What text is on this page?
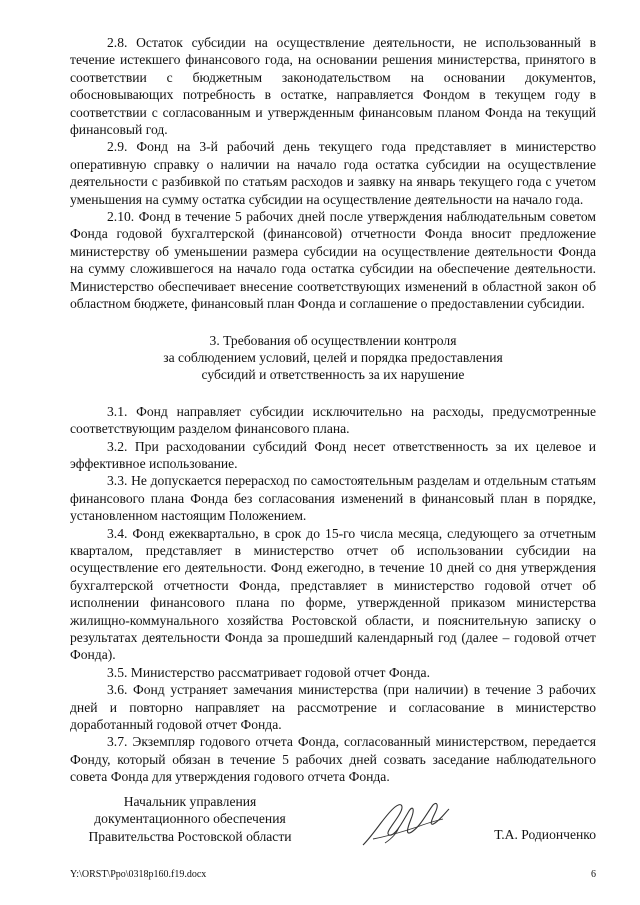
2.8. Остаток субсидии на осуществление деятельности, не использованный в течение истекшего финансового года, на основании решения министерства, принятого в соответствии с бюджетным законодательством на основании документов, обосновывающих потребность в остатке, направляется Фондом в текущем году в соответствии с согласованным и утвержденным финансовым планом Фонда на текущий финансовый год.

2.9. Фонд на 3-й рабочий день текущего года представляет в министерство оперативную справку о наличии на начало года остатка субсидии на осуществление деятельности с разбивкой по статьям расходов и заявку на январь текущего года с учетом уменьшения на сумму остатка субсидии на осуществление деятельности на начало года.

2.10. Фонд в течение 5 рабочих дней после утверждения наблюдательным советом Фонда годовой бухгалтерской (финансовой) отчетности Фонда вносит предложение министерству об уменьшении размера субсидии на осуществление деятельности Фонда на сумму сложившегося на начало года остатка субсидии на обеспечение деятельности. Министерство обеспечивает внесение соответствующих изменений в областной закон об областном бюджете, финансовый план Фонда и соглашение о предоставлении субсидии.

3. Требования об осуществлении контроля
за соблюдением условий, целей и порядка предоставления
субсидий и ответственность за их нарушение

3.1. Фонд направляет субсидии исключительно на расходы, предусмотренные соответствующим разделом финансового плана.

3.2. При расходовании субсидий Фонд несет ответственность за их целевое и эффективное использование.

3.3. Не допускается перерасход по самостоятельным разделам и отдельным статьям финансового плана Фонда без согласования изменений в финансовый план в порядке, установленном настоящим Положением.

3.4. Фонд ежеквартально, в срок до 15-го числа месяца, следующего за отчетным кварталом, представляет в министерство отчет об использовании субсидии на осуществление его деятельности. Фонд ежегодно, в течение 10 дней со дня утверждения бухгалтерской отчетности Фонда, представляет в министерство годовой отчет об исполнении финансового плана по форме, утвержденной приказом министерства жилищно-коммунального хозяйства Ростовской области, и пояснительную записку о результатах деятельности Фонда за прошедший календарный год (далее – годовой отчет Фонда).

3.5. Министерство рассматривает годовой отчет Фонда.

3.6. Фонд устраняет замечания министерства (при наличии) в течение 3 рабочих дней и повторно направляет на рассмотрение и согласование в министерство доработанный годовой отчет Фонда.

3.7. Экземпляр годового отчета Фонда, согласованный министерством, передается Фонду, который обязан в течение 5 рабочих дней созвать заседание наблюдательного совета Фонда для утверждения годового отчета Фонда.

Начальник управления
документационного обеспечения
Правительства Ростовской области	Т.А. Родионченко
Y:\ORST\Ppo\0318p160.f19.docx	6
